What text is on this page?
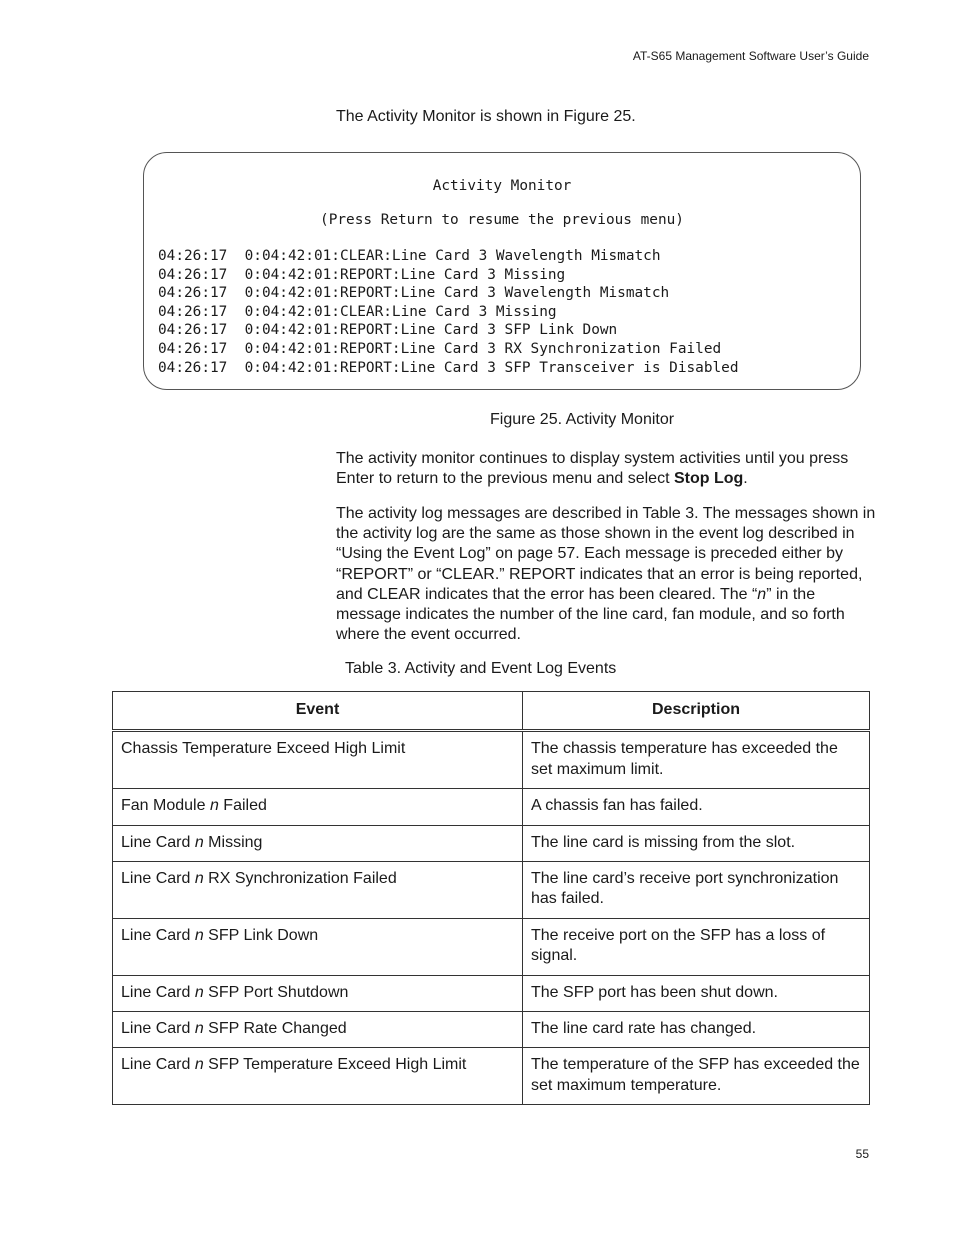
AT-S65 Management Software User’s Guide
The Activity Monitor is shown in Figure 25.
Activity Monitor
(Press Return to resume the previous menu)
04:26:17  0:04:42:01:CLEAR:Line Card 3 Wavelength Mismatch
04:26:17  0:04:42:01:REPORT:Line Card 3 Missing
04:26:17  0:04:42:01:REPORT:Line Card 3 Wavelength Mismatch
04:26:17  0:04:42:01:CLEAR:Line Card 3 Missing
04:26:17  0:04:42:01:REPORT:Line Card 3 SFP Link Down
04:26:17  0:04:42:01:REPORT:Line Card 3 RX Synchronization Failed
04:26:17  0:04:42:01:REPORT:Line Card 3 SFP Transceiver is Disabled
Figure 25. Activity Monitor

The activity monitor continues to display system activities until you press Enter to return to the previous menu and select Stop Log.

The activity log messages are described in Table 3. The messages shown in the activity log are the same as those shown in the event log described in “Using the Event Log” on page 57. Each message is preceded either by “REPORT” or “CLEAR.” REPORT indicates that an error is being reported, and CLEAR indicates that the error has been cleared. The “n” in the message indicates the number of the line card, fan module, and so forth where the event occurred.

Table 3. Activity and Event Log Events
Event	Description
Chassis Temperature Exceed High Limit	The chassis temperature has exceeded the set maximum limit.
Fan Module n Failed	A chassis fan has failed.
Line Card n Missing	The line card is missing from the slot.
Line Card n RX Synchronization Failed	The line card’s receive port synchronization has failed.
Line Card n SFP Link Down	The receive port on the SFP has a loss of signal.
Line Card n SFP Port Shutdown	The SFP port has been shut down.
Line Card n SFP Rate Changed	The line card rate has changed.
Line Card n SFP Temperature Exceed High Limit	The temperature of the SFP has exceeded the set maximum temperature.
55
